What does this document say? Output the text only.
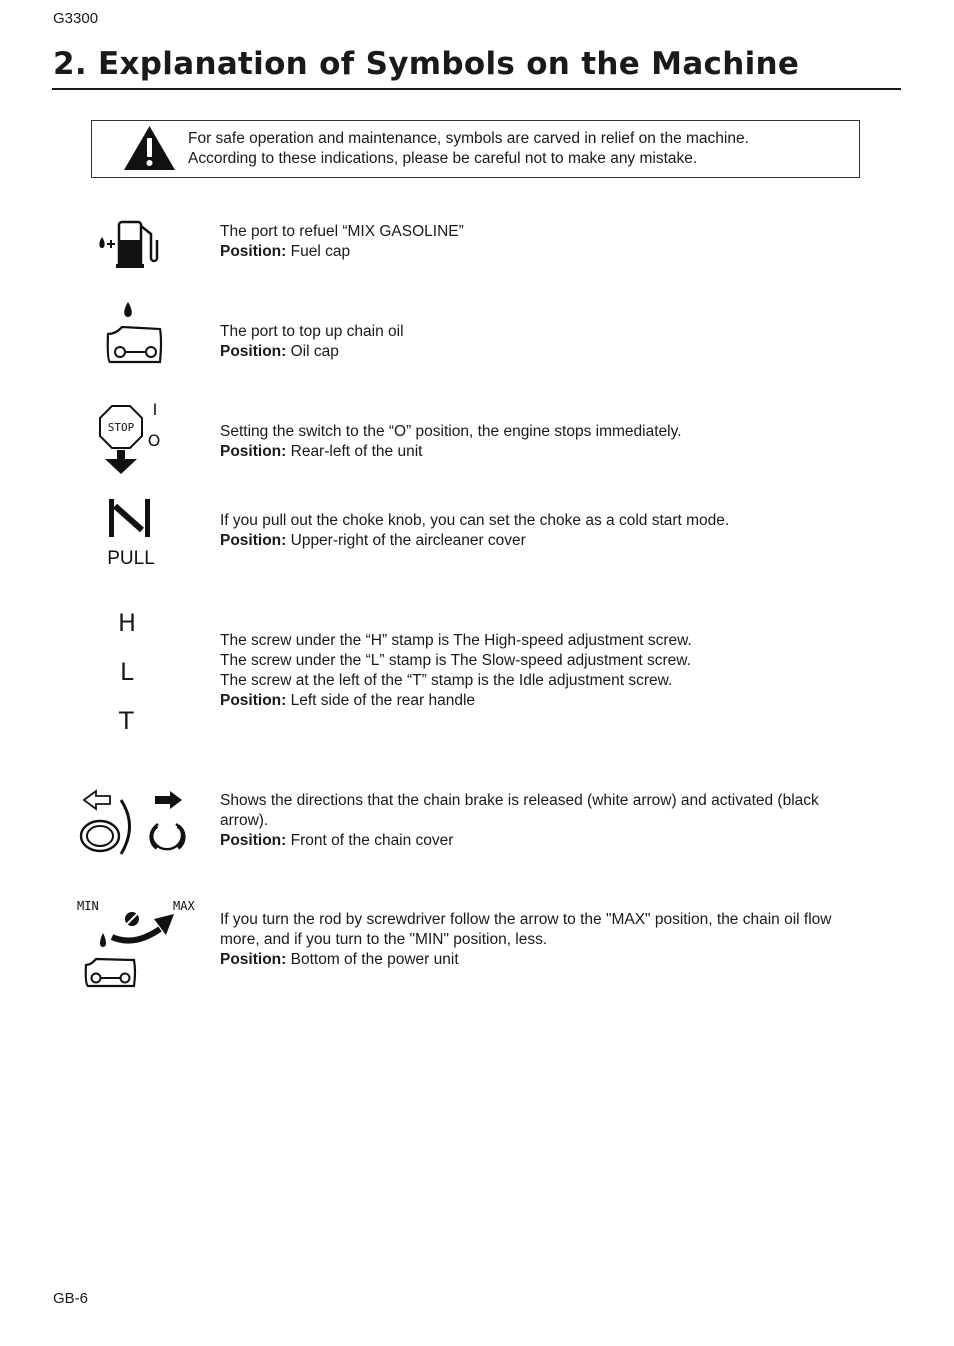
G3300
2. Explanation of Symbols on the Machine
For safe operation and maintenance, symbols are carved in relief on the machine.
According to these indications, please be careful not to make any mistake.
The port to refuel “MIX GASOLINE”
Position: Fuel cap
The port to top up chain oil
Position: Oil cap
STOP
I
O	Setting the switch to the “O” position, the engine stops immediately.
Position: Rear-left of the unit
PULL
If you pull out the choke knob, you can set the choke as a cold start mode.
Position: Upper-right of the aircleaner cover
H
L
T
The screw under the “H” stamp is The High-speed adjustment screw.
The screw under the “L” stamp is The Slow-speed adjustment screw.
The screw at the left of the “T” stamp is the Idle adjustment screw.
Position: Left side of the rear handle
Shows the directions that the chain brake is released (white arrow) and activated (black
arrow).
Position: Front of the chain cover
MIN	MAX
If you turn the rod by screwdriver follow the arrow to the "MAX" position, the chain oil flow
more, and if you turn to the "MIN" position, less.
Position: Bottom of the power unit
GB-6
